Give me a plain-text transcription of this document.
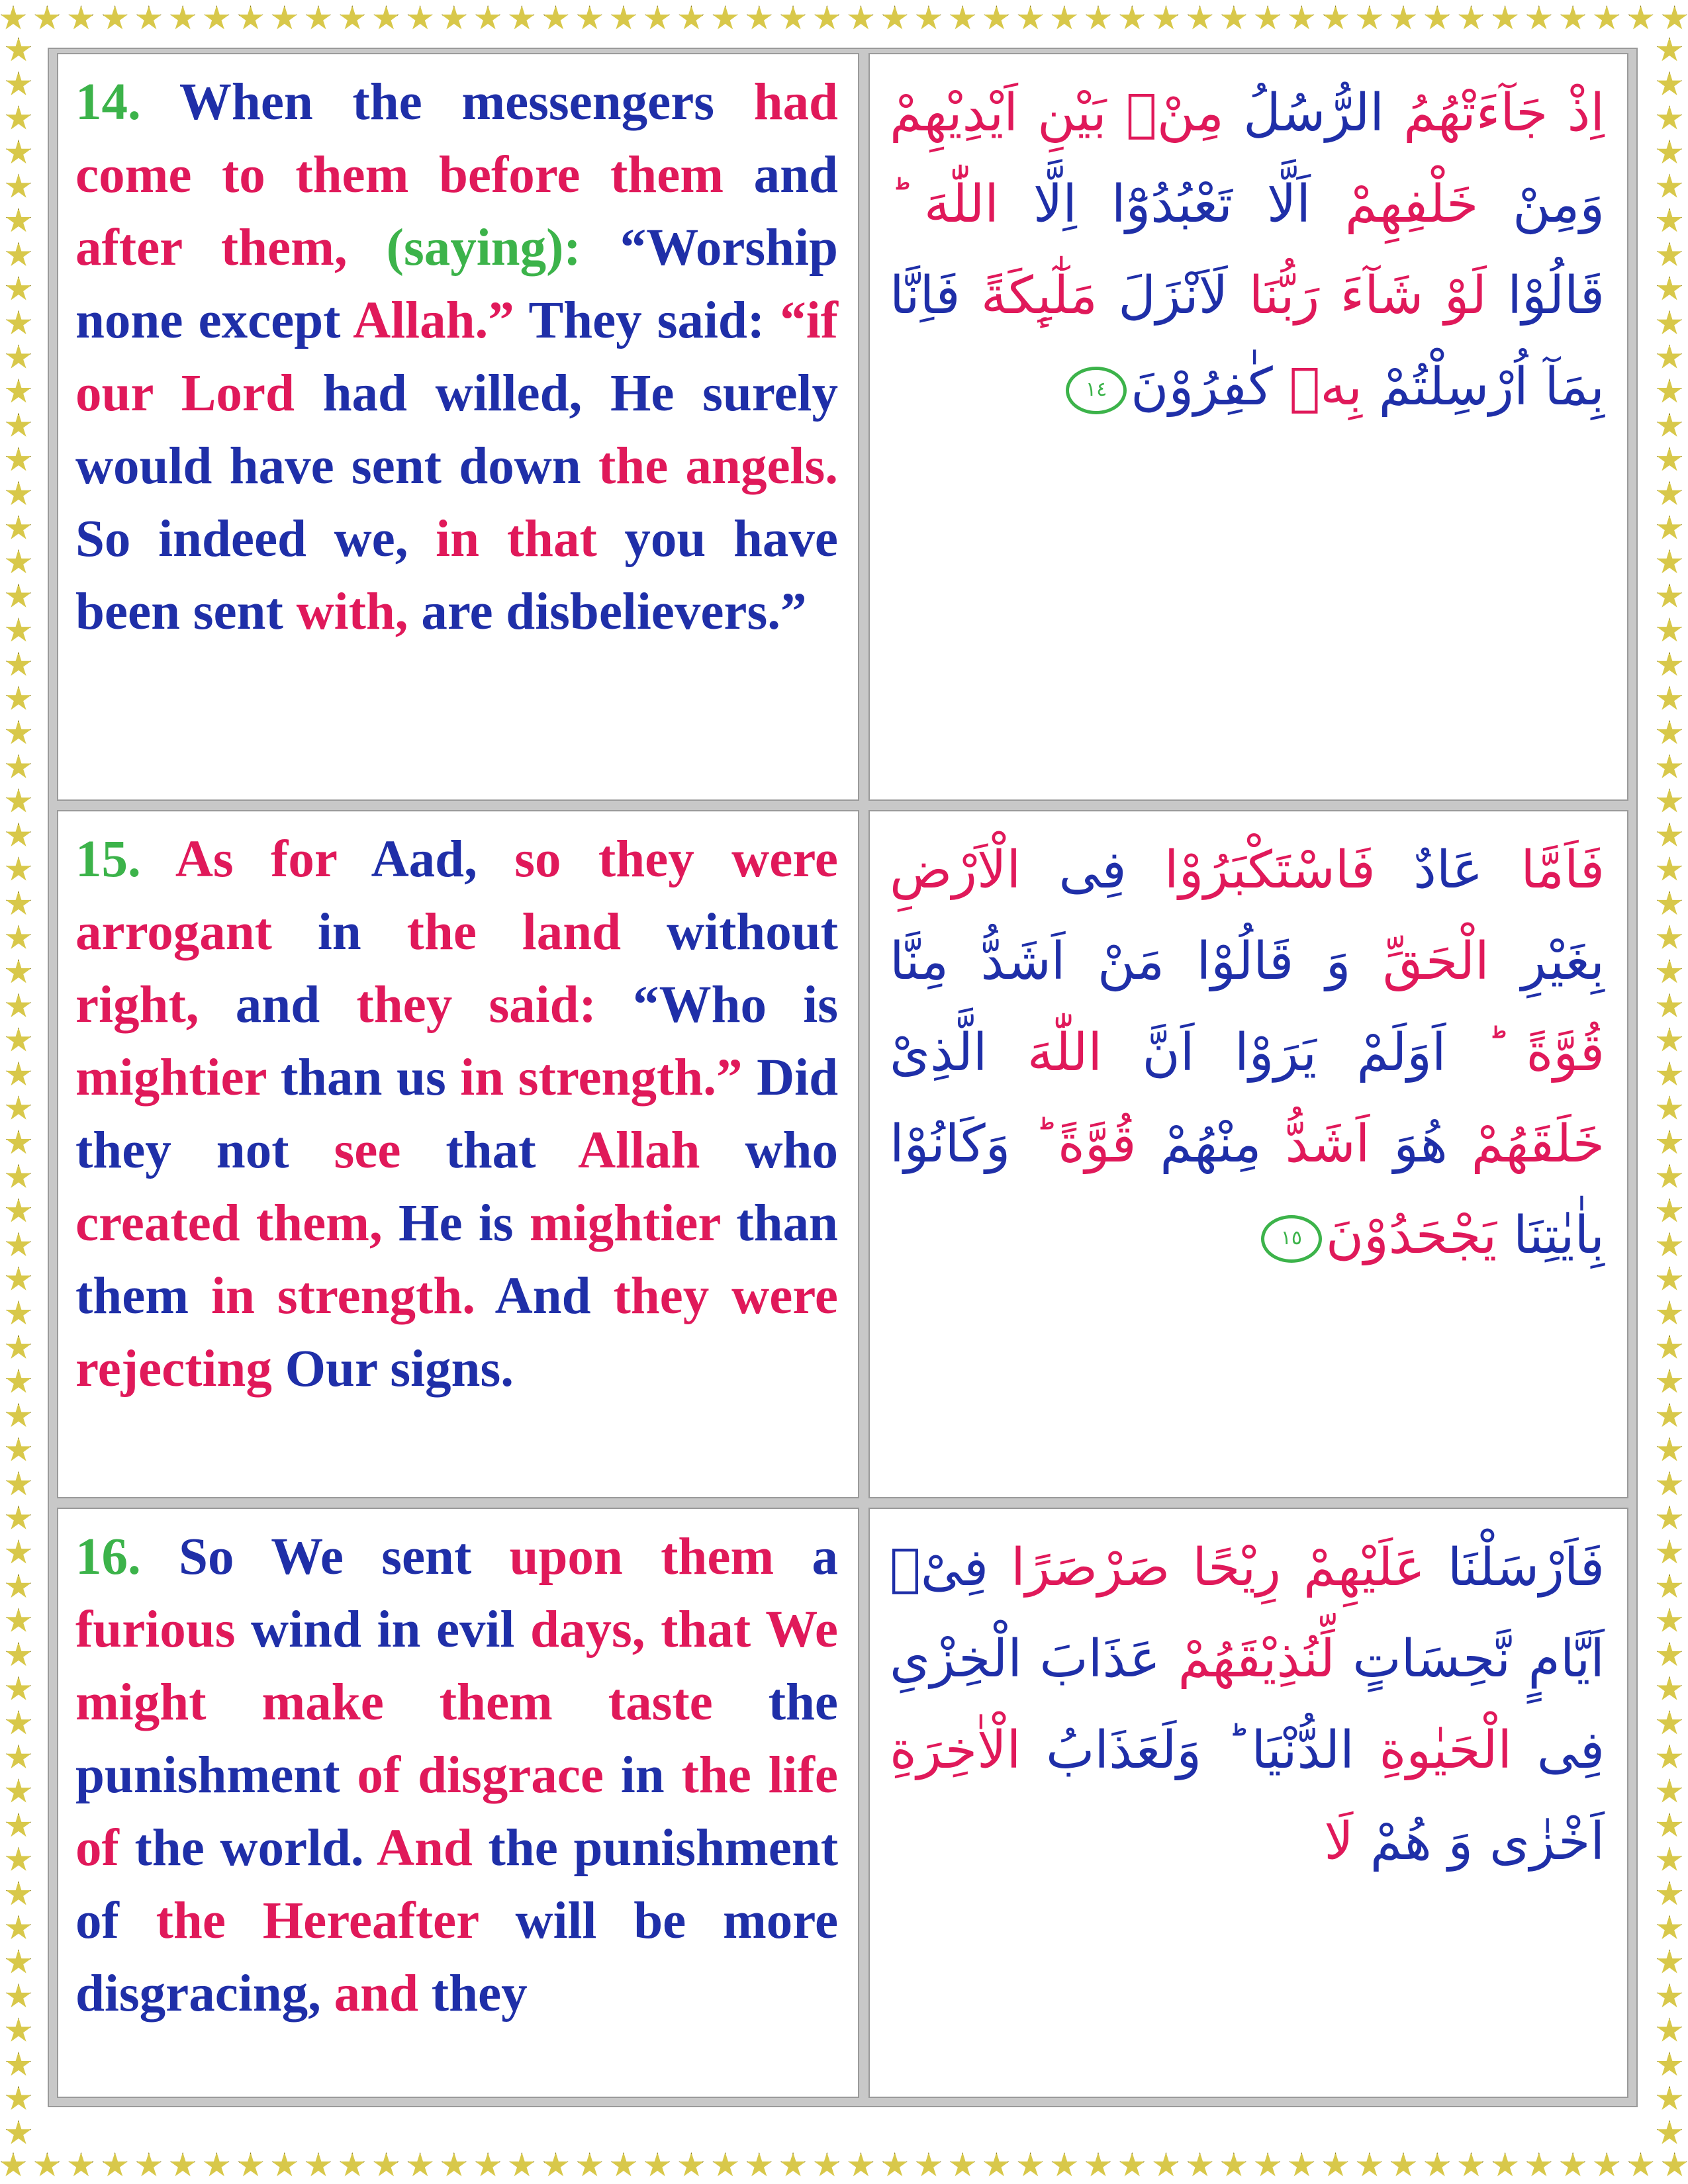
14. When the messengers had come to them before them and after them, (saying): “Worship none except Allah.” They said: “if our Lord had willed, He surely would have sent down the angels. So indeed we, in that you have been sent with, are disbelievers.”
اِذْ جَآءَتْهُمُ الرُّسُلُ مِنْۢ بَيْنِ اَيْدِيْهِمْ وَمِنْ خَلْفِهِمْ اَلَّا تَعْبُدُوْٓا اِلَّا اللّٰهَ قَالُوْا لَوْ شَآءَ رَبُّنَا لَاَنْزَلَ مَلٰٓٮِٕكَةً فَاِنَّا بِمَآ اُرْسِلْتُمْ بِهٖ كٰفِرُوْنَ١٤
15. As for Aad, so they were arrogant in the land without right, and they said: “Who is mightier than us in strength.” Did they not see that Allah who created them, He is mightier than them in strength. And they were rejecting Our signs.
فَاَمَّا عَادٌ فَاسْتَكْبَرُوْا فِى الْاَرْضِ بِغَيْرِ الْحَقِّ وَ قَالُوْا مَنْ اَشَدُّ مِنَّا قُوَّةً ؕ اَوَلَمْ يَرَوْا اَنَّ اللّٰهَ الَّذِىْ خَلَقَهُمْ هُوَ اَشَدُّ مِنْهُمْ قُوَّةً ؕ وَكَانُوْا بِاٰيٰتِنَا يَجْحَدُوْنَ١٥
16. So We sent upon them a furious wind in evil days, that We might make them taste the punishment of disgrace in the life of the world. And the punishment of the Hereafter will be more disgracing, and they
فَاَرْسَلْنَا عَلَيْهِمْ رِيْحًا صَرْصَرًا فِىْۤ اَيَّامٍ نَّحِسَاتٍ لِّنُذِيْقَهُمْ عَذَابَ الْخِزْىِ فِى الْحَيٰوةِ الدُّنْيَا ؕ وَلَعَذَابُ الْاٰخِرَةِ اَخْزٰى وَ هُمْ لَا
